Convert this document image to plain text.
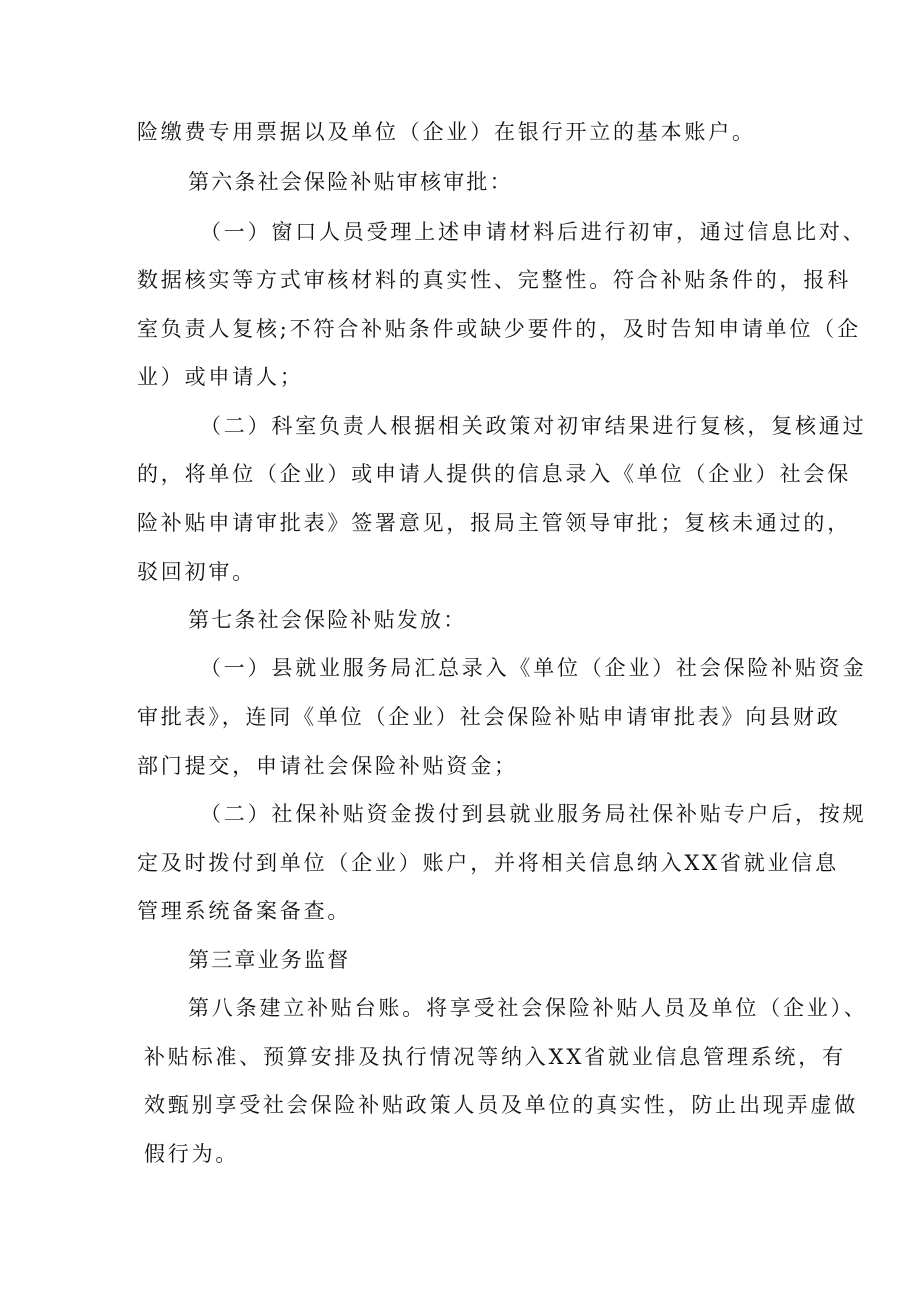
险缴费专用票据以及单位（企业）在银行开立的基本账户。
第六条社会保险补贴审核审批：
（一）窗口人员受理上述申请材料后进行初审，通过信息比对、
数据核实等方式审核材料的真实性、完整性。符合补贴条件的，报科
室负责人复核;不符合补贴条件或缺少要件的，及时告知申请单位（企
业）或申请人；
（二）科室负责人根据相关政策对初审结果进行复核，复核通过
的，将单位（企业）或申请人提供的信息录入《单位（企业）社会保
险补贴申请审批表》签署意见，报局主管领导审批；复核未通过的，
驳回初审。
第七条社会保险补贴发放：
（一）县就业服务局汇总录入《单位（企业）社会保险补贴资金
审批表》，连同《单位（企业）社会保险补贴申请审批表》向县财政
部门提交，申请社会保险补贴资金；
（二）社保补贴资金拨付到县就业服务局社保补贴专户后，按规
定及时拨付到单位（企业）账户，并将相关信息纳入XX省就业信息
管理系统备案备查。
第三章业务监督
第八条建立补贴台账。将享受社会保险补贴人员及单位（企业）、
补贴标准、预算安排及执行情况等纳入XX省就业信息管理系统，有
效甄别享受社会保险补贴政策人员及单位的真实性，防止出现弄虚做
假行为。
